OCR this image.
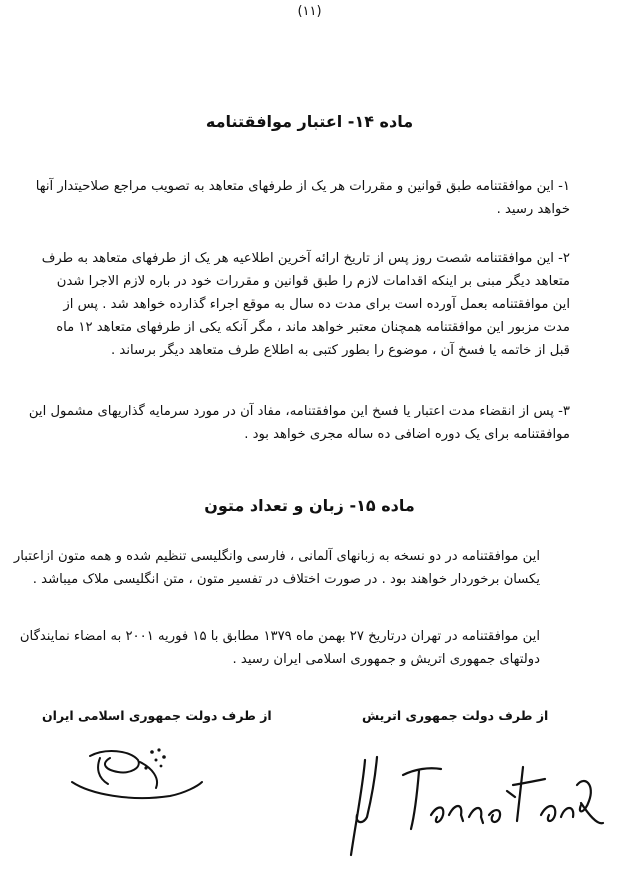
(١١)
ماده ۱۴- اعتبار موافقتنامه

۱- این موافقتنامه طبق قوانین و مقررات هر یک از طرفهای متعاهد به تصویب مراجع صلاحیتدار آنها
خواهد رسید .

۲- این موافقتنامه شصت روز پس از تاریخ ارائه آخرین اطلاعیه هر یک از طرفهای متعاهد به طرف
متعاهد دیگر مبنی بر اینکه اقدامات لازم را طبق قوانین و مقررات خود در باره لازم الاجرا شدن
این موافقتنامه بعمل آورده است برای مدت ده سال به موقع اجراء گذارده خواهد شد . پس از
مدت مزبور این موافقتنامه همچنان معتبر خواهد ماند ، مگر آنکه یکی از طرفهای متعاهد ۱۲ ماه
قبل از خاتمه یا فسخ آن ، موضوع را بطور کتبی به اطلاع طرف متعاهد دیگر برساند .

۳- پس از انقضاء مدت اعتبار یا فسخ این موافقتنامه، مفاد آن در مورد سرمایه گذاریهای مشمول این
موافقتنامه برای یک دوره اضافی ده ساله مجری خواهد بود .

ماده ۱۵- زبان و تعداد متون

این موافقتنامه در دو نسخه به زبانهای آلمانی ، فارسی وانگلیسی تنظیم شده و همه متون ازاعتبار
یکسان برخوردار خواهند بود . در صورت اختلاف در تفسیر متون ، متن انگلیسی ملاک میباشد .

این موافقتنامه در تهران درتاریخ ۲۷ بهمن ماه ۱۳۷۹ مطابق با ۱۵ فوریه ۲۰۰۱ به امضاء نمایندگان
دولتهای جمهوری اتریش و جمهوری اسلامی ایران رسید .

از طرف دولت جمهوری اسلامی ایران	از طرف دولت جمهوری اتریش
